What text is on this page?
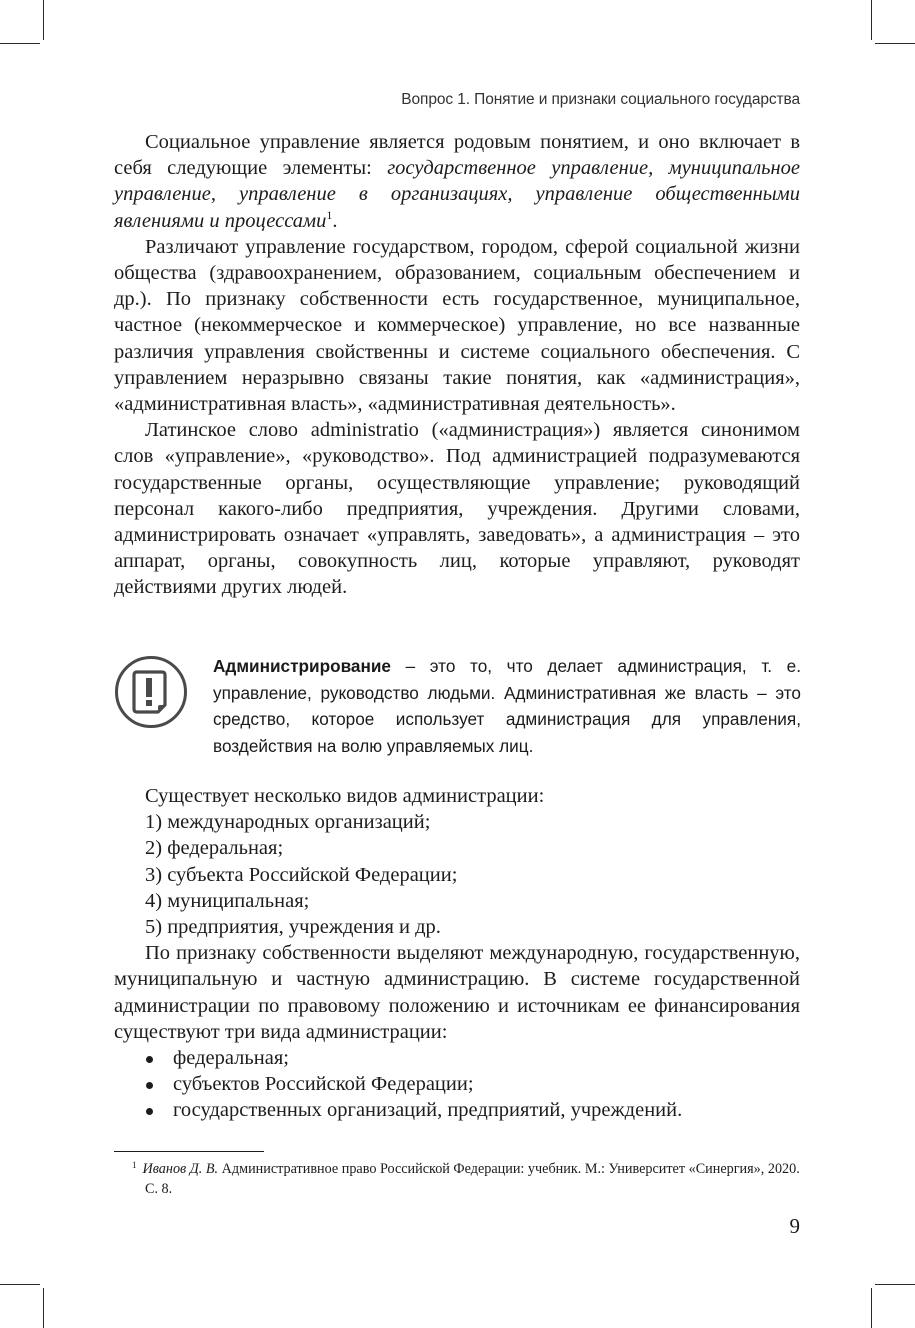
Вопрос 1. Понятие и признаки социального государства

Социальное управление является родовым понятием, и оно включает в себя следующие элементы: государственное управление, муниципальное управление, управление в организациях, управление общественными явлениями и процессами$^1$.

Различают управление государством, городом, сферой социальной жизни общества (здравоохранением, образованием, социальным обеспечением и др.). По признаку собственности есть государственное, муниципальное, частное (некоммерческое и коммерческое) управление, но все названные различия управления свойственны и системе социального обеспечения. С управлением неразрывно связаны такие понятия, как «администрация», «административная власть», «административная деятельность».

Латинское слово administratio («администрация») является синонимом слов «управление», «руководство». Под администрацией подразумеваются государственные органы, осуществляющие управление; руководящий персонал какого-либо предприятия, учреждения. Другими словами, администрировать означает «управлять, заведовать», а администрация – это аппарат, органы, совокупность лиц, которые управляют, руководят действиями других людей.

Администрирование – это то, что делает администрация, т. е. управление, руководство людьми. Административная же власть – это средство, которое использует администрация для управления, воздействия на волю управляемых лиц.

Существует несколько видов администрации:

1) международных организаций;

2) федеральная;

3) субъекта Российской Федерации;

4) муниципальная;

5) предприятия, учреждения и др.

По признаку собственности выделяют международную, государственную, муниципальную и частную администрацию. В системе государственной администрации по правовому положению и источникам ее финансирования существуют три вида администрации:

федеральная;
субъектов Российской Федерации;
государственных организаций, предприятий, учреждений.
$^1$ Иванов Д. В. Административное право Российской Федерации: учебник. М.: Университет «Синергия», 2020. С. 8.
9
